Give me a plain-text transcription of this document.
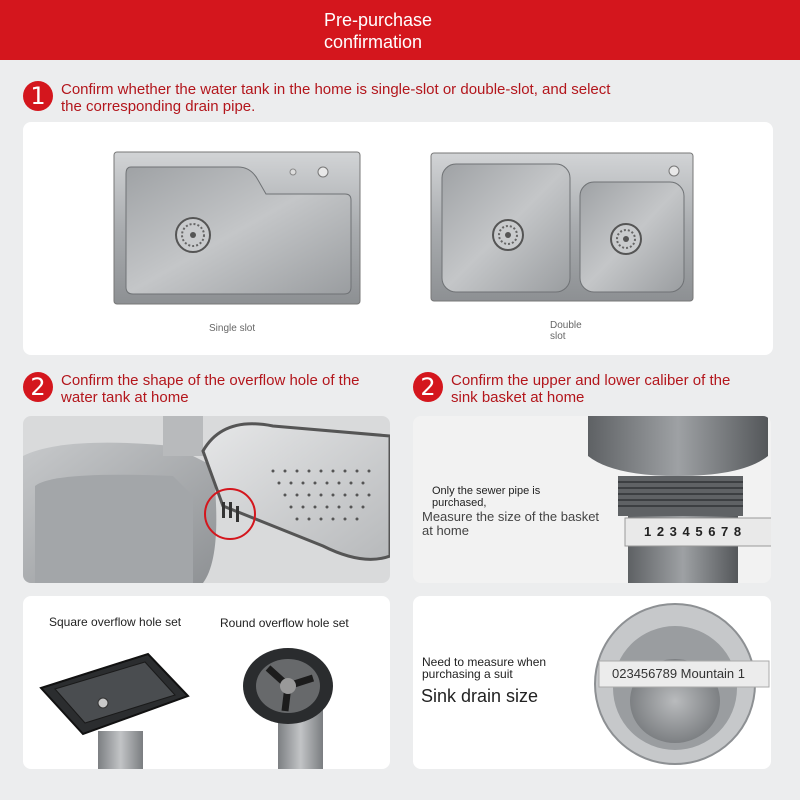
Pre-purchase confirmation
1	Confirm whether the water tank in the home is single-slot or double-slot, and select the corresponding drain pipe.
Single slot	Double slot
2	Confirm the shape of the overflow hole of the water tank at home	2	Confirm the upper and lower caliber of the sink basket at home
Only the sewer pipe is purchased,
Measure the size of the basket at home	1 2 3 4 5 6 7 8
Square overflow hole set	Round overflow hole set
Need to measure when purchasing a suit
Sink drain size
023456789 Mountain 1
